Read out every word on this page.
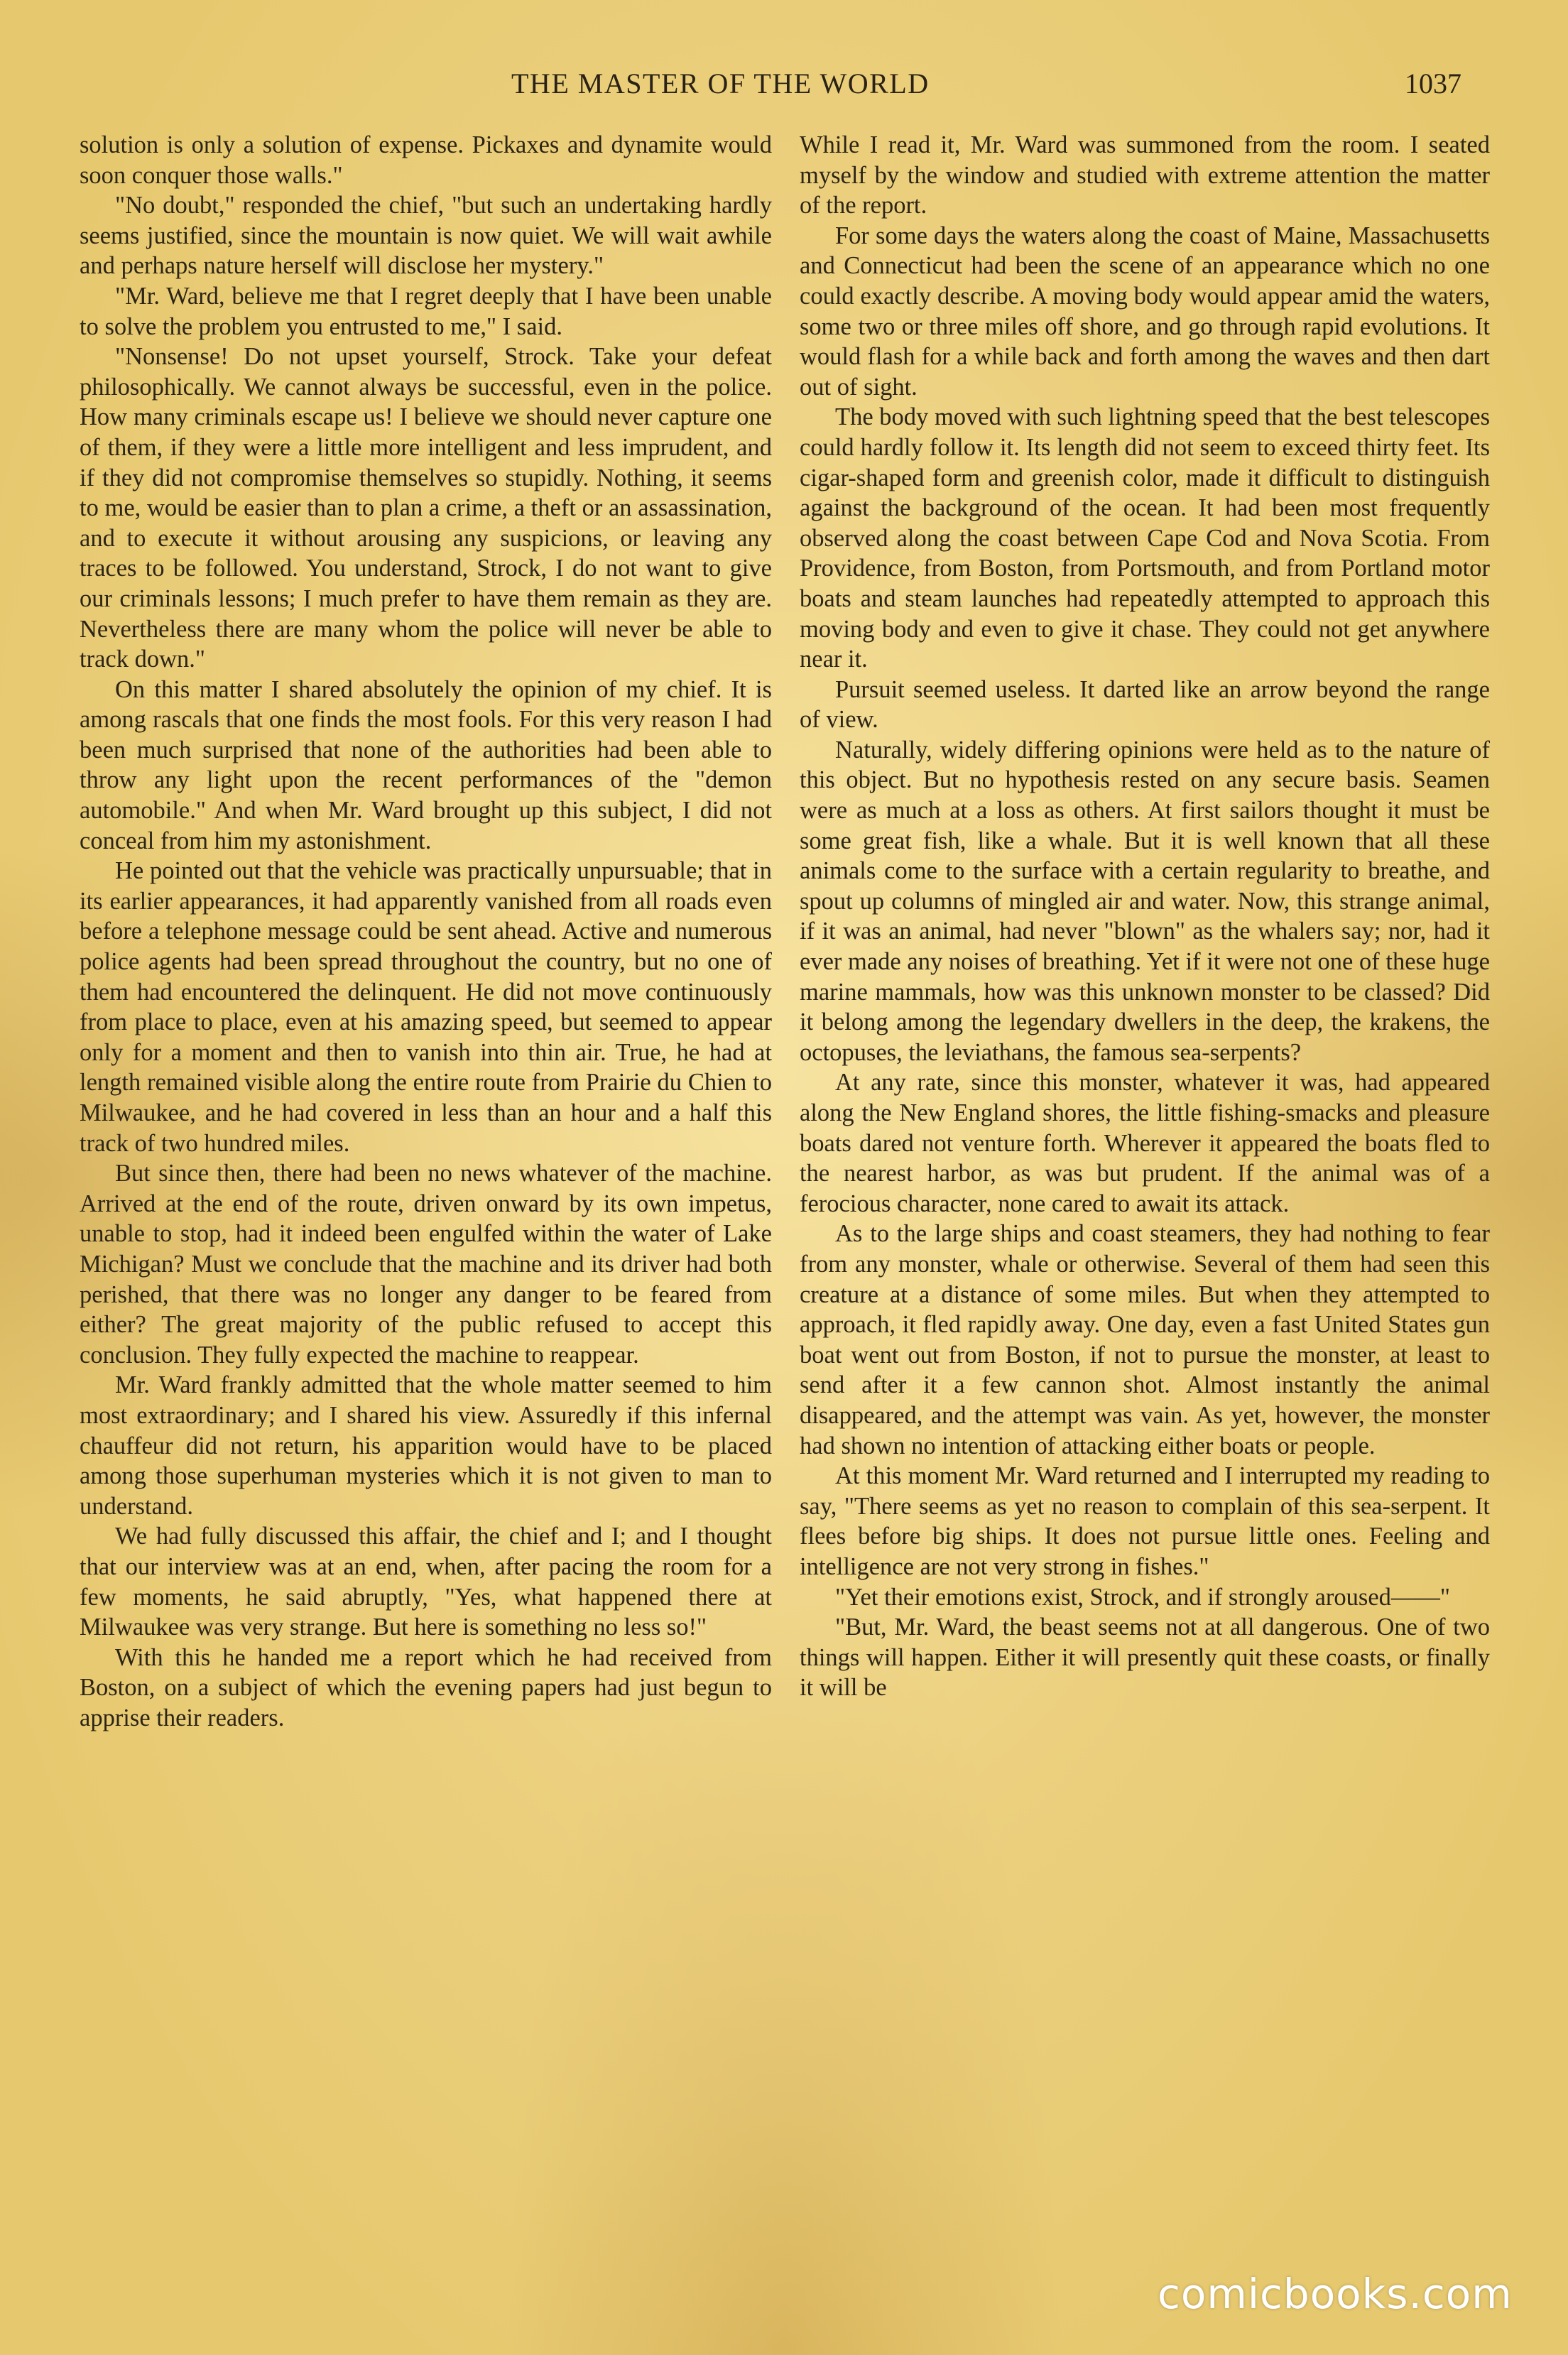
THE MASTER OF THE WORLD	1037

solution is only a solution of expense. Pickaxes and dynamite would soon conquer those walls."

"No doubt," responded the chief, "but such an undertaking hardly seems justified, since the mountain is now quiet. We will wait awhile and perhaps nature herself will disclose her mystery."

"Mr. Ward, believe me that I regret deeply that I have been unable to solve the problem you entrusted to me," I said.

"Nonsense! Do not upset yourself, Strock. Take your defeat philosophically. We cannot always be successful, even in the police. How many criminals escape us! I believe we should never capture one of them, if they were a little more intelligent and less imprudent, and if they did not compromise themselves so stupidly. Nothing, it seems to me, would be easier than to plan a crime, a theft or an assassination, and to execute it without arousing any suspicions, or leaving any traces to be followed. You understand, Strock, I do not want to give our criminals lessons; I much prefer to have them remain as they are. Nevertheless there are many whom the police will never be able to track down."

On this matter I shared absolutely the opinion of my chief. It is among rascals that one finds the most fools. For this very reason I had been much surprised that none of the authorities had been able to throw any light upon the recent performances of the "demon automobile." And when Mr. Ward brought up this subject, I did not conceal from him my astonishment.

He pointed out that the vehicle was practically unpursuable; that in its earlier appearances, it had apparently vanished from all roads even before a telephone message could be sent ahead. Active and numerous police agents had been spread throughout the country, but no one of them had encountered the delinquent. He did not move continuously from place to place, even at his amazing speed, but seemed to appear only for a moment and then to vanish into thin air. True, he had at length remained visible along the entire route from Prairie du Chien to Milwaukee, and he had covered in less than an hour and a half this track of two hundred miles.

But since then, there had been no news whatever of the machine. Arrived at the end of the route, driven onward by its own impetus, unable to stop, had it indeed been engulfed within the water of Lake Michigan? Must we conclude that the machine and its driver had both perished, that there was no longer any danger to be feared from either? The great majority of the public refused to accept this conclusion. They fully expected the machine to reappear.

Mr. Ward frankly admitted that the whole matter seemed to him most extraordinary; and I shared his view. Assuredly if this infernal chauffeur did not return, his apparition would have to be placed among those superhuman mysteries which it is not given to man to understand.

We had fully discussed this affair, the chief and I; and I thought that our interview was at an end, when, after pacing the room for a few moments, he said abruptly, "Yes, what happened there at Milwaukee was very strange. But here is something no less so!"

With this he handed me a report which he had received from Boston, on a subject of which the evening papers had just begun to apprise their readers.

While I read it, Mr. Ward was summoned from the room. I seated myself by the window and studied with extreme attention the matter of the report.

For some days the waters along the coast of Maine, Massachusetts and Connecticut had been the scene of an appearance which no one could exactly describe. A moving body would appear amid the waters, some two or three miles off shore, and go through rapid evolutions. It would flash for a while back and forth among the waves and then dart out of sight.

The body moved with such lightning speed that the best telescopes could hardly follow it. Its length did not seem to exceed thirty feet. Its cigar-shaped form and greenish color, made it difficult to distinguish against the background of the ocean. It had been most frequently observed along the coast between Cape Cod and Nova Scotia. From Providence, from Boston, from Portsmouth, and from Portland motor boats and steam launches had repeatedly attempted to approach this moving body and even to give it chase. They could not get anywhere near it.

Pursuit seemed useless. It darted like an arrow beyond the range of view.

Naturally, widely differing opinions were held as to the nature of this object. But no hypothesis rested on any secure basis. Seamen were as much at a loss as others. At first sailors thought it must be some great fish, like a whale. But it is well known that all these animals come to the surface with a certain regularity to breathe, and spout up columns of mingled air and water. Now, this strange animal, if it was an animal, had never "blown" as the whalers say; nor, had it ever made any noises of breathing. Yet if it were not one of these huge marine mammals, how was this unknown monster to be classed? Did it belong among the legendary dwellers in the deep, the krakens, the octopuses, the leviathans, the famous sea-serpents?

At any rate, since this monster, whatever it was, had appeared along the New England shores, the little fishing-smacks and pleasure boats dared not venture forth. Wherever it appeared the boats fled to the nearest harbor, as was but prudent. If the animal was of a ferocious character, none cared to await its attack.

As to the large ships and coast steamers, they had nothing to fear from any monster, whale or otherwise. Several of them had seen this creature at a distance of some miles. But when they attempted to approach, it fled rapidly away. One day, even a fast United States gun boat went out from Boston, if not to pursue the monster, at least to send after it a few cannon shot. Almost instantly the animal disappeared, and the attempt was vain. As yet, however, the monster had shown no intention of attacking either boats or people.

At this moment Mr. Ward returned and I interrupted my reading to say, "There seems as yet no reason to complain of this sea-serpent. It flees before big ships. It does not pursue little ones. Feeling and intelligence are not very strong in fishes."

"Yet their emotions exist, Strock, and if strongly aroused——"

"But, Mr. Ward, the beast seems not at all dangerous. One of two things will happen. Either it will presently quit these coasts, or finally it will be

comicbooks.com
